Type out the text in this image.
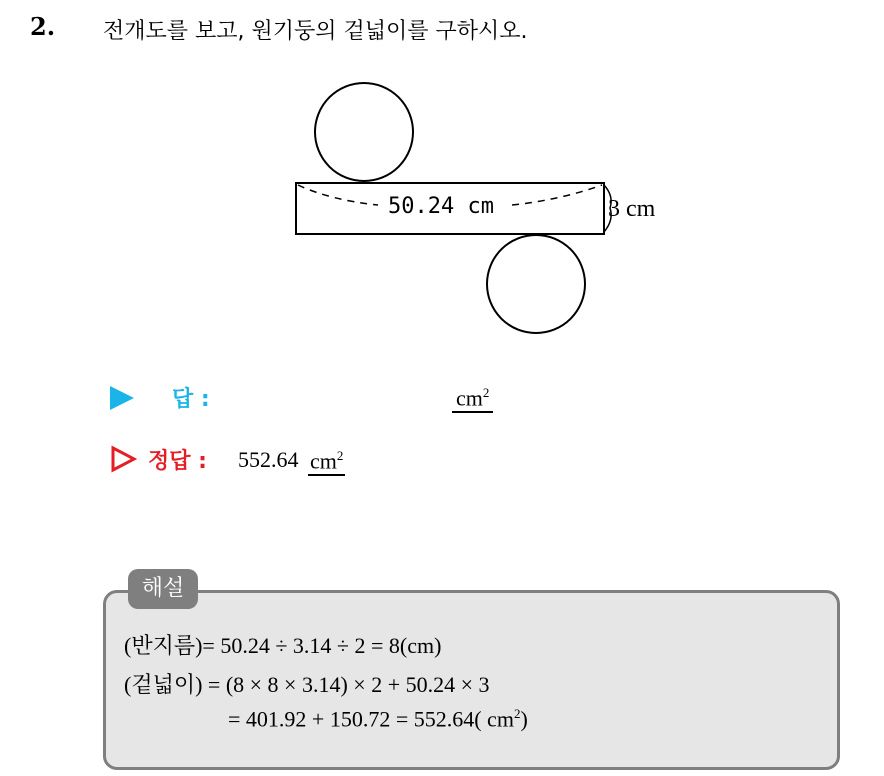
2. 전개도를 보고, 원기둥의 겉넓이를 구하시오.
50.24 cm	3 cm
답 :	$cm^2$
정답 : 552.64 $cm^2$
해설
(반지름)= 50.24 ÷ 3.14 ÷ 2 = 8(cm)
(겉넓이) = (8 × 8 × 3.14) × 2 + 50.24 × 3
= 401.92 + 150.72 = 552.64( $cm^2$)
